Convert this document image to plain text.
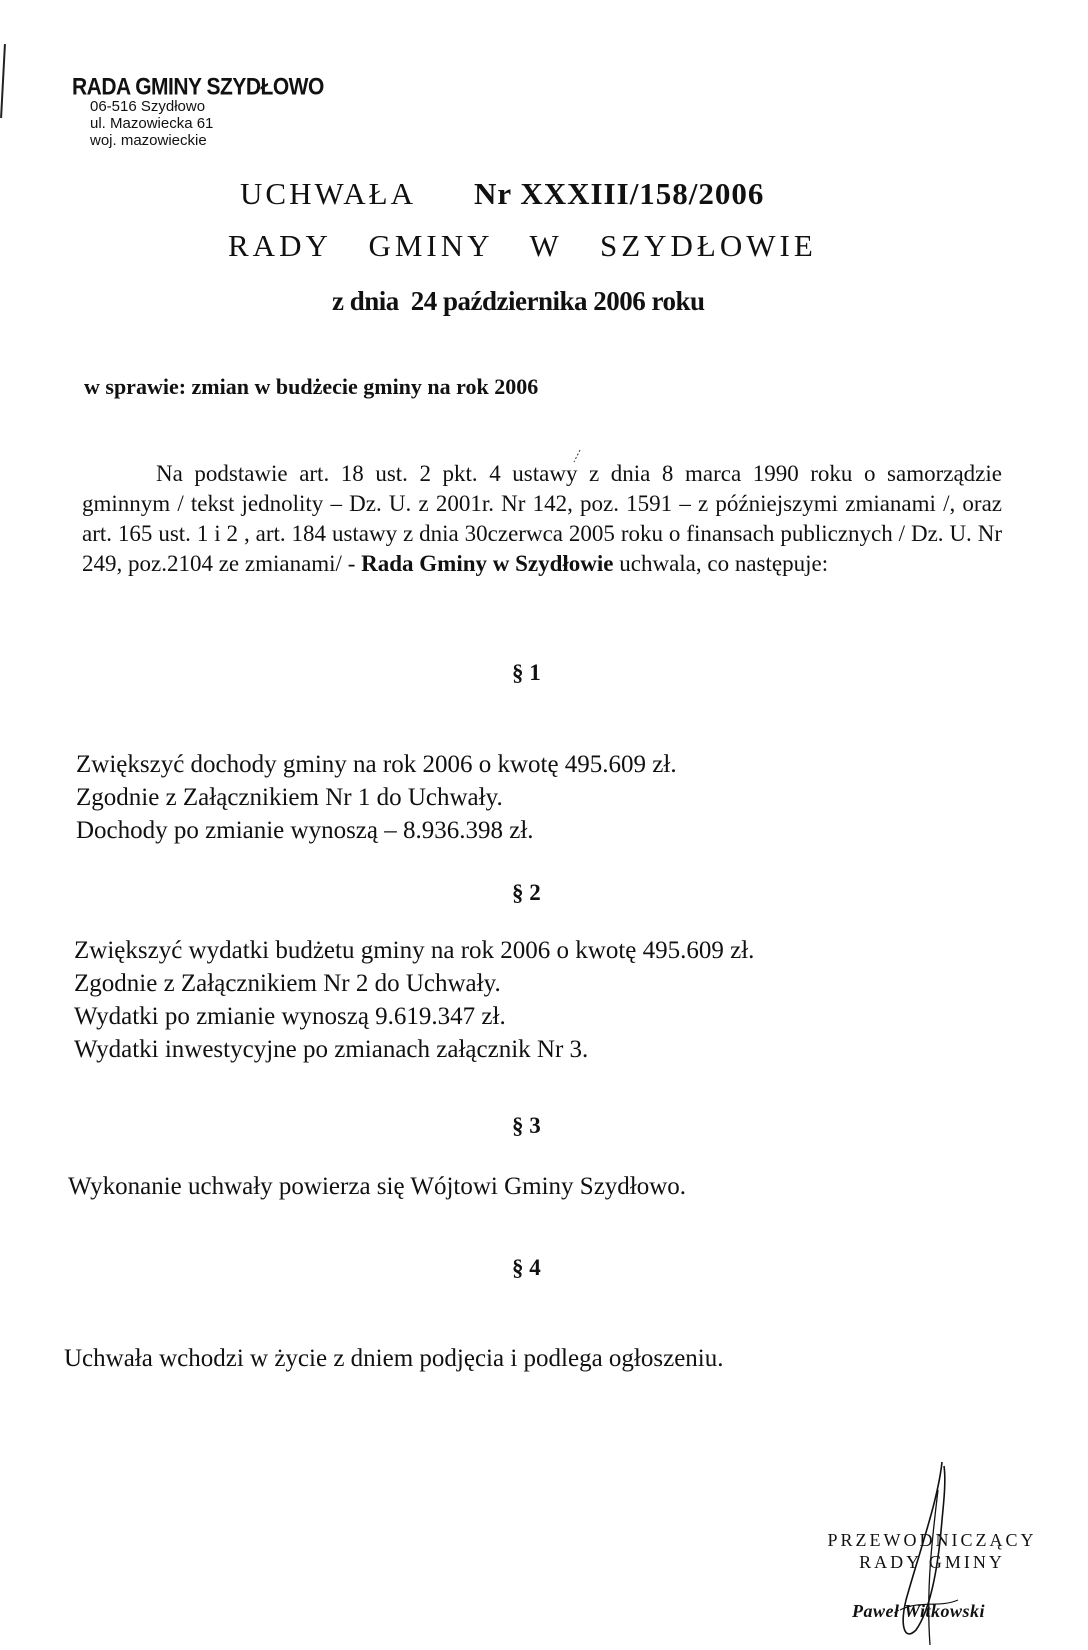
RADA GMINY SZYDŁOWO
06-516 Szydłowo
ul. Mazowiecka 61
woj. mazowieckie
UCHWAŁA Nr XXXIII/158/2006
RADY GMINY W SZYDŁOWIE
z dnia 24 października 2006 roku
w sprawie: zmian w budżecie gminy na rok 2006
Na podstawie art. 18 ust. 2 pkt. 4 ustawy z dnia 8 marca 1990 roku o samorządzie gminnym / tekst jednolity – Dz. U. z 2001r. Nr 142, poz. 1591 – z późniejszymi zmianami /, oraz art. 165 ust. 1 i 2 , art. 184 ustawy z dnia 30czerwca 2005 roku o finansach publicznych / Dz. U. Nr 249, poz.2104 ze zmianami/ - Rada Gminy w Szydłowie uchwala, co następuje:
§ 1
Zwiększyć dochody gminy na rok 2006 o kwotę 495.609 zł.
Zgodnie z Załącznikiem Nr 1 do Uchwały.
Dochody po zmianie wynoszą – 8.936.398 zł.
§ 2
Zwiększyć wydatki budżetu gminy na rok 2006 o kwotę 495.609 zł.
Zgodnie z Załącznikiem Nr 2 do Uchwały.
Wydatki po zmianie wynoszą 9.619.347 zł.
Wydatki inwestycyjne po zmianach załącznik Nr 3.
§ 3
Wykonanie uchwały powierza się Wójtowi Gminy Szydłowo.
§ 4
Uchwała wchodzi w życie z dniem podjęcia i podlega ogłoszeniu.
PRZEWODNICZĄCY
RADY GMINY
Paweł Witkowski
